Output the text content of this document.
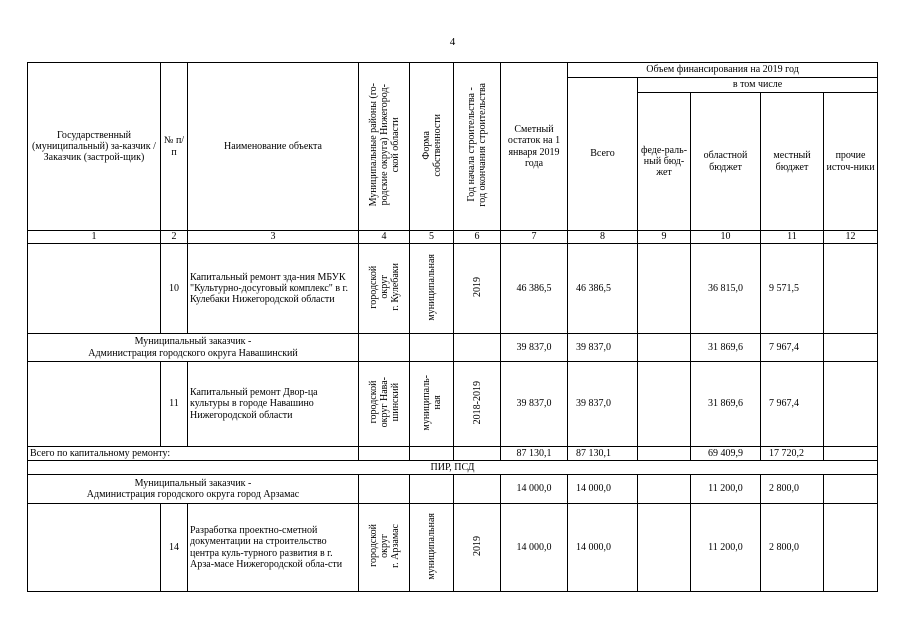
4
Государственный (муниципальный) за-казчик / Заказчик (застрой-щик)	№ п/п	Наименование объекта	Муниципальные районы (го-
родские округа) Нижегород-
ской области	Форма
собственности	Год начала строительства -
год окончания строительства	Сметный остаток на 1 января 2019 года	Объем финансирования на 2019 год				
							Всего	в том числе			
								феде-раль-ный бюд-жет	областной бюджет	местный бюджет	прочие источ-ники
1	2	3	4	5	6	7	8	9	10	11	12
	10	Капитальный ремонт зда-ния МБУК "Культурно-досуговый комплекс" в г. Кулебаки Нижегородской области	городской
округ
г. Кулебаки	муниципальная	2019	46 386,5	46 386,5		36 815,0	9 571,5	
Муниципальный заказчик -
Администрация городского округа Навашинский						39 837,0	39 837,0		31 869,6	7 967,4	
	11	Капитальный ремонт Двор-ца культуры в городе Навашино Нижегородской области	городской
округ Нава-
шинский	муниципаль-
ная	2018-2019	39 837,0	39 837,0		31 869,6	7 967,4	
Всего по капитальному ремонту:						87 130,1	87 130,1		69 409,9	17 720,2	
ПИР, ПСД											
Муниципальный заказчик -
Администрация городского округа город Арзамас						14 000,0	14 000,0		11 200,0	2 800,0	
	14	Разработка проектно-сметной документации на строительство центра куль-турного развития в г. Арза-масе Нижегородской обла-сти	городской
округ
г. Арзамас	муниципальная	2019	14 000,0	14 000,0		11 200,0	2 800,0	
